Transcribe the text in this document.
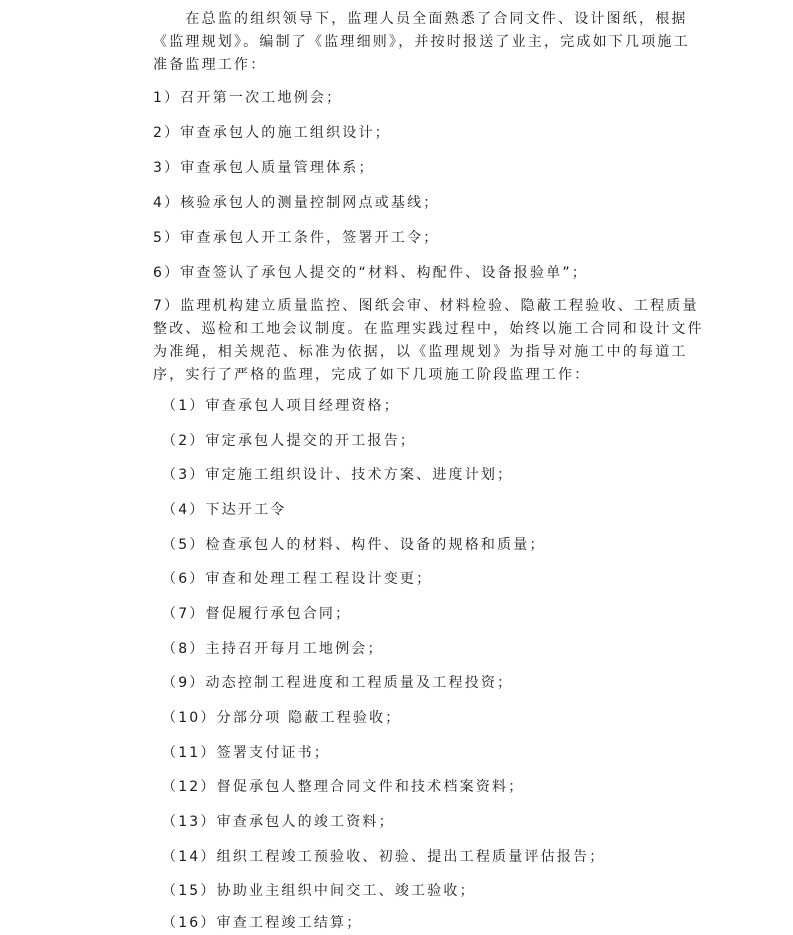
　　在总监的组织领导下，监理人员全面熟悉了合同文件、设计图纸，根据
《监理规划》。编制了《监理细则》，并按时报送了业主，完成如下几项施工
准备监理工作：
1）召开第一次工地例会；
2）审查承包人的施工组织设计；
3）审查承包人质量管理体系；
4）核验承包人的测量控制网点或基线；
5）审查承包人开工条件，签署开工令；
6）审查签认了承包人提交的“材料、构配件、设备报验单”；
7）监理机构建立质量监控、图纸会审、材料检验、隐蔽工程验收、工程质量
整改、巡检和工地会议制度。在监理实践过程中，始终以施工合同和设计文件
为准绳，相关规范、标准为依据，以《监理规划》为指导对施工中的每道工
序，实行了严格的监理，完成了如下几项施工阶段监理工作：
（1）审查承包人项目经理资格；
（2）审定承包人提交的开工报告；
（3）审定施工组织设计、技术方案、进度计划；
（4）下达开工令
（5）检查承包人的材料、构件、设备的规格和质量；
（6）审查和处理工程工程设计变更；
（7）督促履行承包合同；
（8）主持召开每月工地例会；
（9）动态控制工程进度和工程质量及工程投资；
（10）分部分项 隐蔽工程验收；
（11）签署支付证书；
（12）督促承包人整理合同文件和技术档案资料；
（13）审查承包人的竣工资料；
（14）组织工程竣工预验收、初验、提出工程质量评估报告；
（15）协助业主组织中间交工、竣工验收；
（16）审查工程竣工结算；
